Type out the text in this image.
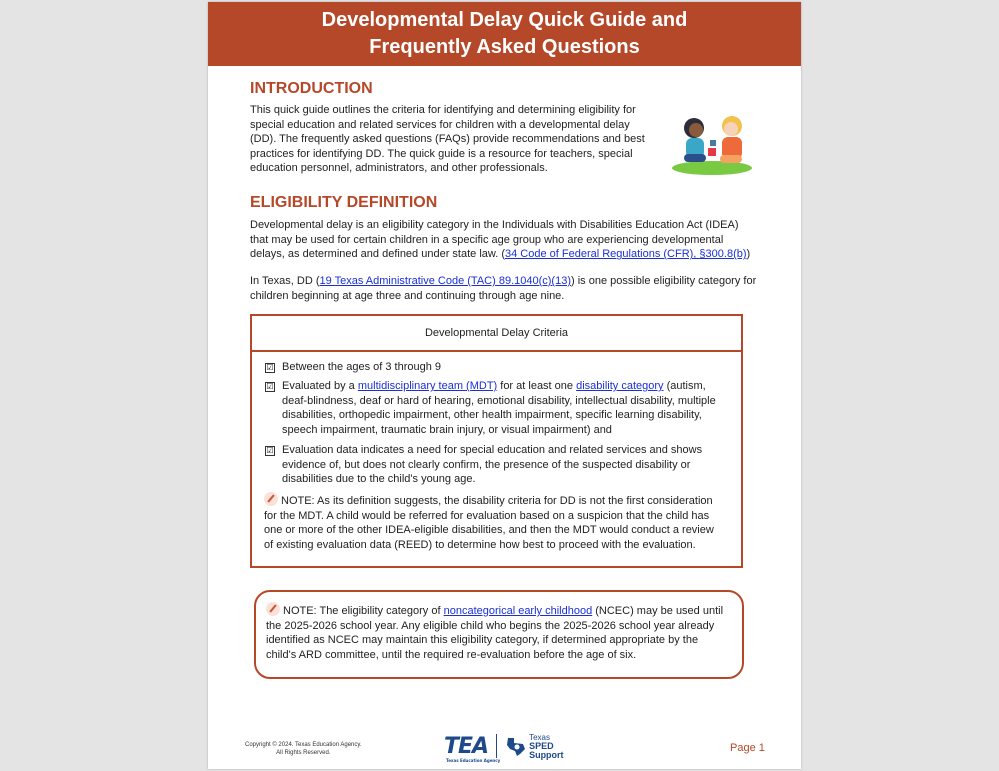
Developmental Delay Quick Guide and Frequently Asked Questions
INTRODUCTION
This quick guide outlines the criteria for identifying and determining eligibility for
special education and related services for children with a developmental delay
(DD). The frequently asked questions (FAQs) provide recommendations and best
practices for identifying DD. The quick guide is a resource for teachers, special
education personnel, administrators, and other professionals.
ELIGIBILITY DEFINITION
Developmental delay is an eligibility category in the Individuals with Disabilities Education Act (IDEA)
that may be used for certain children in a specific age group who are experiencing developmental
delays, as determined and defined under state law. (34 Code of Federal Regulations (CFR), §300.8(b))
In Texas, DD (19 Texas Administrative Code (TAC) 89.1040(c)(13)) is one possible eligibility category for
children beginning at age three and continuing through age nine.
Developmental Delay Criteria
☑ Between the ages of 3 through 9
☑ Evaluated by a multidisciplinary team (MDT) for at least one disability category (autism,
deaf-blindness, deaf or hard of hearing, emotional disability, intellectual disability, multiple
disabilities, orthopedic impairment, other health impairment, specific learning disability,
speech impairment, traumatic brain injury, or visual impairment) and
☑ Evaluation data indicates a need for special education and related services and shows
evidence of, but does not clearly confirm, the presence of the suspected disability or
disabilities due to the child's young age.
NOTE: As its definition suggests, the disability criteria for DD is not the first consideration
for the MDT. A child would be referred for evaluation based on a suspicion that the child has
one or more of the other IDEA-eligible disabilities, and then the MDT would conduct a review
of existing evaluation data (REED) to determine how best to proceed with the evaluation.
NOTE: The eligibility category of noncategorical early childhood (NCEC) may be used until
the 2025-2026 school year. Any eligible child who begins the 2025-2026 school year already
identified as NCEC may maintain this eligibility category, if determined appropriate by the
child's ARD committee, until the required re-evaluation before the age of six.
Copyright © 2024. Texas Education Agency.
All Rights Reserved.	TEA
Texas Education Agency
Texas
SPED
Support
Page 1
